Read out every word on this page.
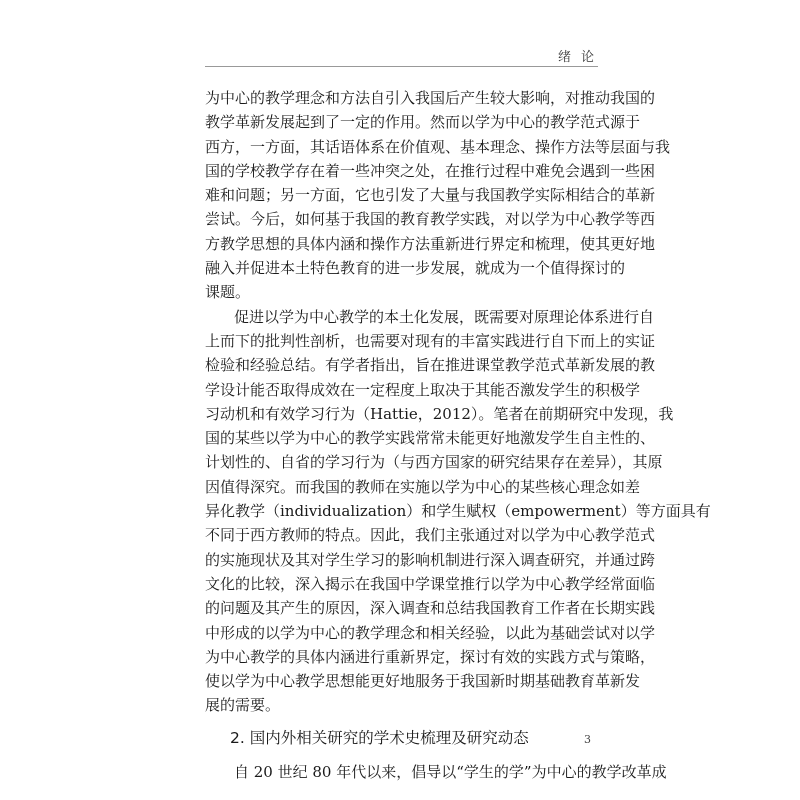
绪论
为中心的教学理念和方法自引入我国后产生较大影响，对推动我国的
教学革新发展起到了一定的作用。然而以学为中心的教学范式源于
西方，一方面，其话语体系在价值观、基本理念、操作方法等层面与我
国的学校教学存在着一些冲突之处，在推行过程中难免会遇到一些困
难和问题；另一方面，它也引发了大量与我国教学实际相结合的革新
尝试。今后，如何基于我国的教育教学实践，对以学为中心教学等西
方教学思想的具体内涵和操作方法重新进行界定和梳理，使其更好地
融入并促进本土特色教育的进一步发展，就成为一个值得探讨的
课题。
促进以学为中心教学的本土化发展，既需要对原理论体系进行自
上而下的批判性剖析，也需要对现有的丰富实践进行自下而上的实证
检验和经验总结。有学者指出，旨在推进课堂教学范式革新发展的教
学设计能否取得成效在一定程度上取决于其能否激发学生的积极学
习动机和有效学习行为（Hattie，2012）。笔者在前期研究中发现，我
国的某些以学为中心的教学实践常常未能更好地激发学生自主性的、
计划性的、自省的学习行为（与西方国家的研究结果存在差异），其原
因值得深究。而我国的教师在实施以学为中心的某些核心理念如差
异化教学（individualization）和学生赋权（empowerment）等方面具有
不同于西方教师的特点。因此，我们主张通过对以学为中心教学范式
的实施现状及其对学生学习的影响机制进行深入调查研究，并通过跨
文化的比较，深入揭示在我国中学课堂推行以学为中心教学经常面临
的问题及其产生的原因，深入调查和总结我国教育工作者在长期实践
中形成的以学为中心的教学理念和相关经验，以此为基础尝试对以学
为中心教学的具体内涵进行重新界定，探讨有效的实践方式与策略，
使以学为中心教学思想能更好地服务于我国新时期基础教育革新发
展的需要。
2. 国内外相关研究的学术史梳理及研究动态
自 20 世纪 80 年代以来，倡导以“学生的学”为中心的教学改革成
3
